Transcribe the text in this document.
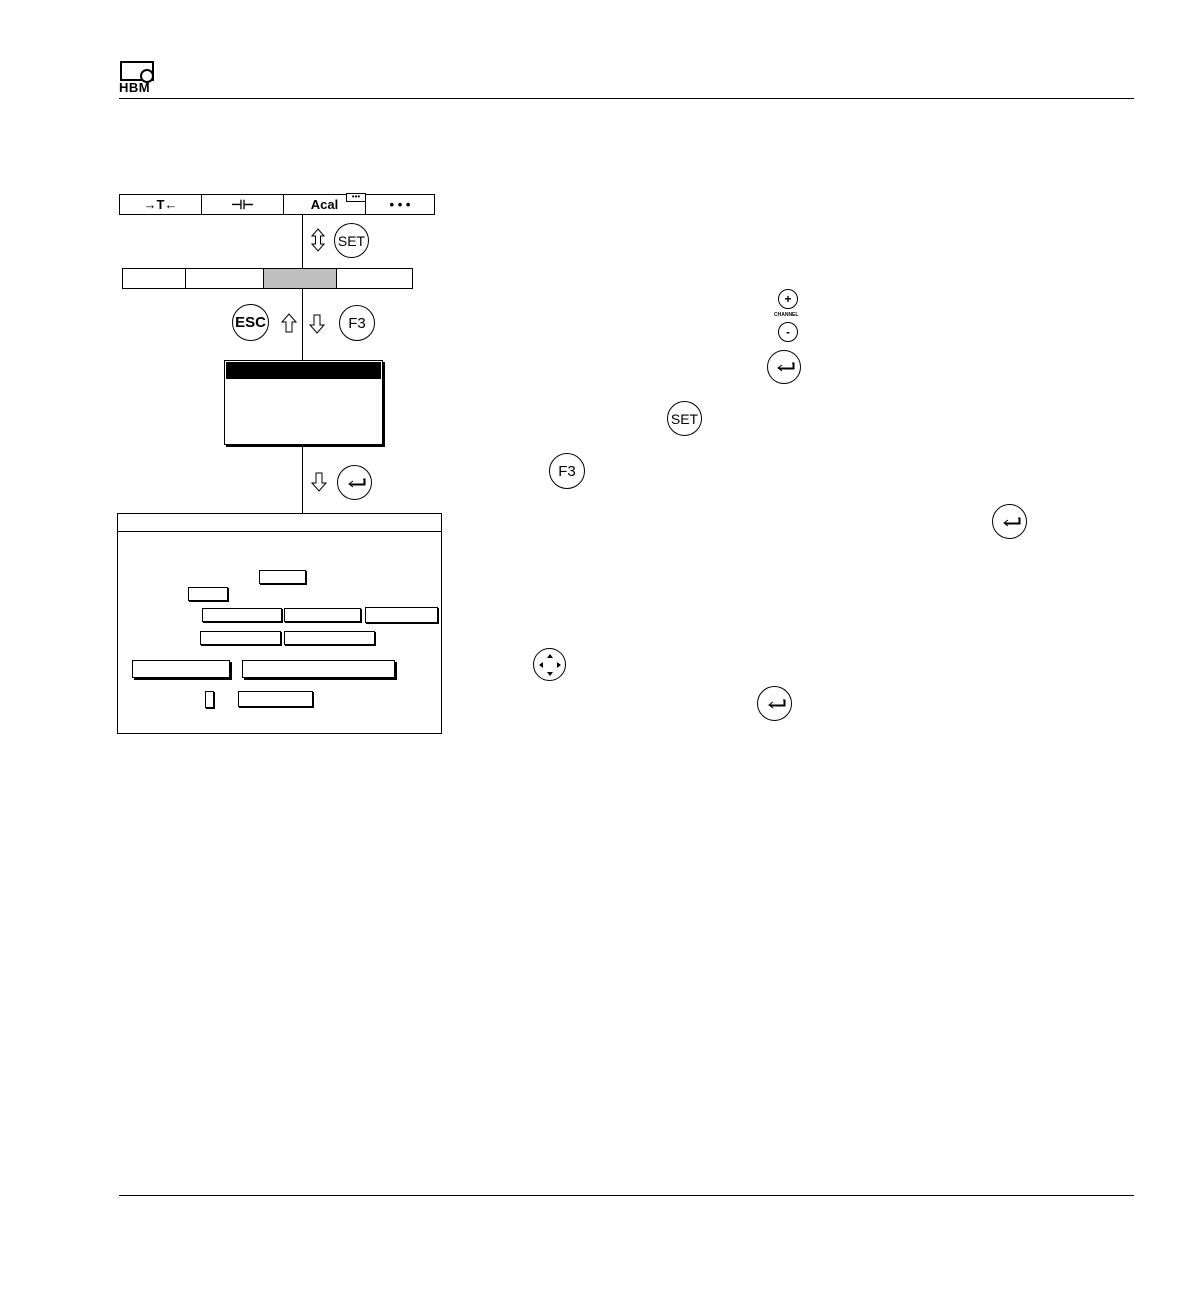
HBM
→T←	⊣⊢	Acal	• • •
•••
SET
ESC	F3
+
CHANNEL
-
SET
F3
